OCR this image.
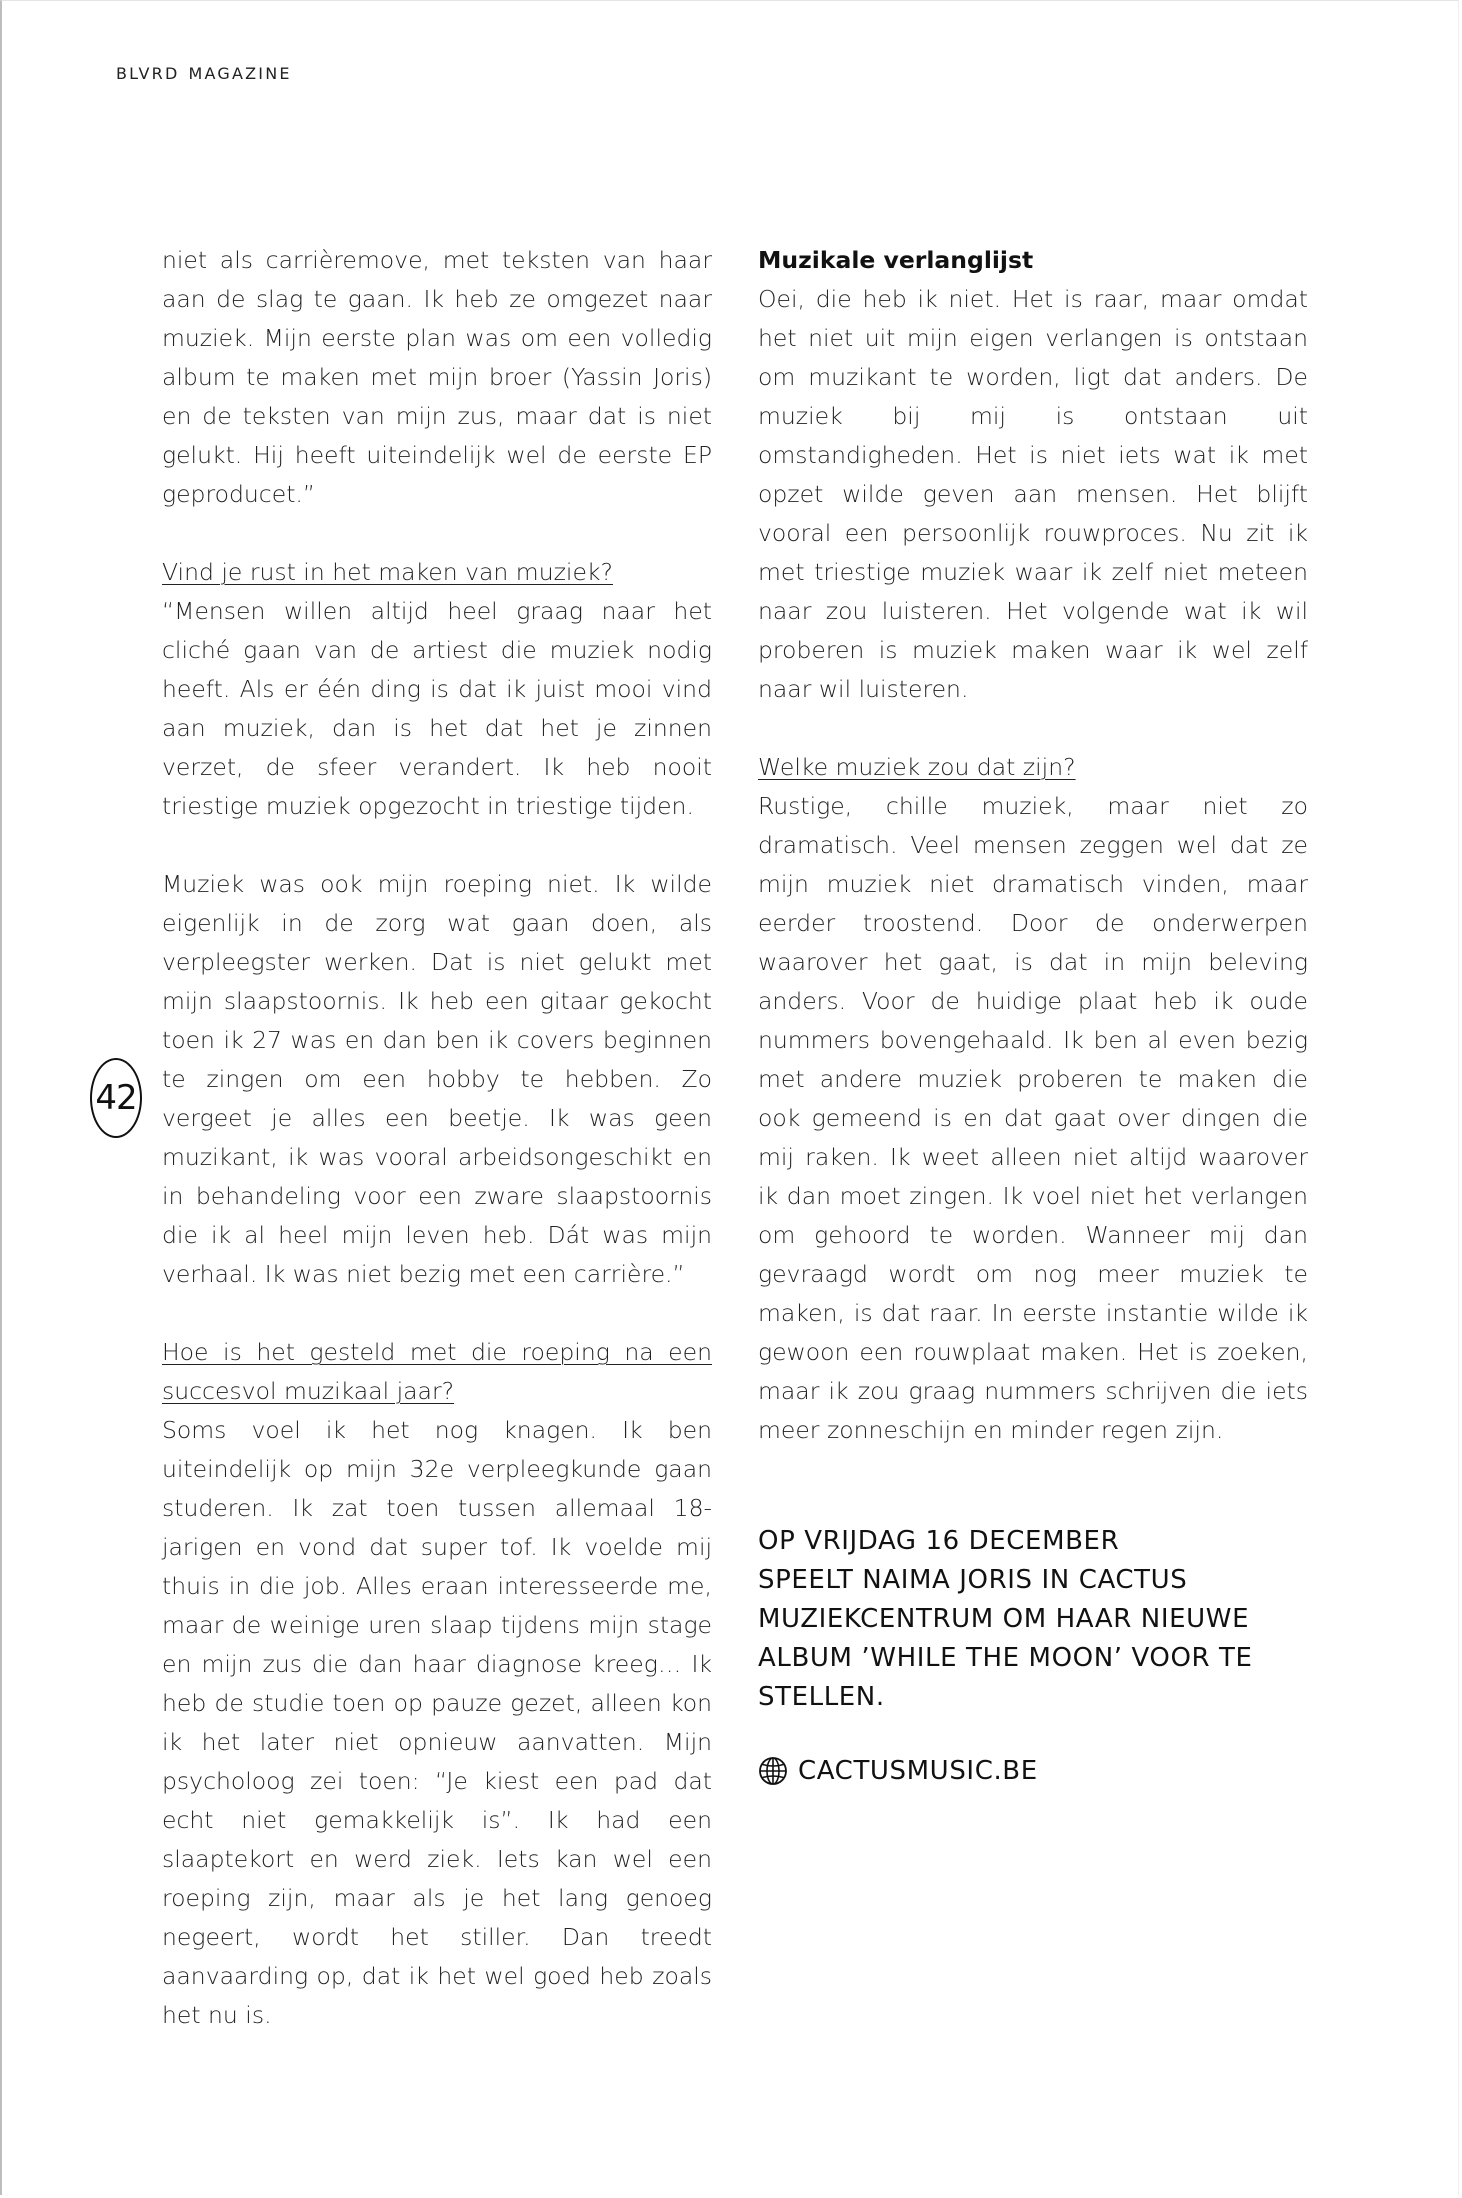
BLVRD MAGAZINE

niet als carrièremove, met teksten van haar aan de slag te gaan. Ik heb ze omgezet naar muziek. Mijn eerste plan was om een volledig album te maken met mijn broer (Yassin Joris) en de teksten van mijn zus, maar dat is niet gelukt. Hij heeft uiteindelijk wel de eerste EP geproducet.”

Vind je rust in het maken van muziek?

“Mensen willen altijd heel graag naar het cliché gaan van de artiest die muziek nodig heeft. Als er één ding is dat ik juist mooi vind aan muziek, dan is het dat het je zinnen verzet, de sfeer verandert. Ik heb nooit triestige muziek opgezocht in triestige tijden.

Muziek was ook mijn roeping niet. Ik wilde eigenlijk in de zorg wat gaan doen, als verpleegster werken. Dat is niet gelukt met mijn slaapstoornis. Ik heb een gitaar gekocht toen ik 27 was en dan ben ik covers beginnen te zingen om een hobby te hebben. Zo vergeet je alles een beetje. Ik was geen muzikant, ik was vooral arbeidsongeschikt en in behandeling voor een zware slaapstoornis die ik al heel mijn leven heb. Dát was mijn verhaal. Ik was niet bezig met een carrière.”

Hoe is het gesteld met die roeping na een succesvol muzikaal jaar?

Soms voel ik het nog knagen. Ik ben uiteindelijk op mijn 32e verpleegkunde gaan studeren. Ik zat toen tussen allemaal 18-jarigen en vond dat super tof. Ik voelde mij thuis in die job. Alles eraan interesseerde me, maar de weinige uren slaap tijdens mijn stage en mijn zus die dan haar diagnose kreeg… Ik heb de studie toen op pauze gezet, alleen kon ik het later niet opnieuw aanvatten. Mijn psycholoog zei toen: “Je kiest een pad dat echt niet gemakkelijk is”. Ik had een slaaptekort en werd ziek. Iets kan wel een roeping zijn, maar als je het lang genoeg negeert, wordt het stiller. Dan treedt aanvaarding op, dat ik het wel goed heb zoals het nu is.

Muzikale verlanglijst

Oei, die heb ik niet. Het is raar, maar omdat het niet uit mijn eigen verlangen is ontstaan om muzikant te worden, ligt dat anders. De muziek bij mij is ontstaan uit omstandigheden. Het is niet iets wat ik met opzet wilde geven aan mensen. Het blijft vooral een persoonlijk rouwproces. Nu zit ik met triestige muziek waar ik zelf niet meteen naar zou luisteren. Het volgende wat ik wil proberen is muziek maken waar ik wel zelf naar wil luisteren.

Welke muziek zou dat zijn?

Rustige, chille muziek, maar niet zo dramatisch. Veel mensen zeggen wel dat ze mijn muziek niet dramatisch vinden, maar eerder troostend. Door de onderwerpen waarover het gaat, is dat in mijn beleving anders. Voor de huidige plaat heb ik oude nummers bovengehaald. Ik ben al even bezig met andere muziek proberen te maken die ook gemeend is en dat gaat over dingen die mij raken. Ik weet alleen niet altijd waarover ik dan moet zingen. Ik voel niet het verlangen om gehoord te worden. Wanneer mij dan gevraagd wordt om nog meer muziek te maken, is dat raar. In eerste instantie wilde ik gewoon een rouwplaat maken. Het is zoeken, maar ik zou graag nummers schrijven die iets meer zonneschijn en minder regen zijn.

42
OP VRIJDAG 16 DECEMBER
SPEELT NAIMA JORIS IN CACTUS
MUZIEKCENTRUM OM HAAR NIEUWE
ALBUM ’WHILE THE MOON’ VOOR TE
STELLEN.
CACTUSMUSIC.BE
